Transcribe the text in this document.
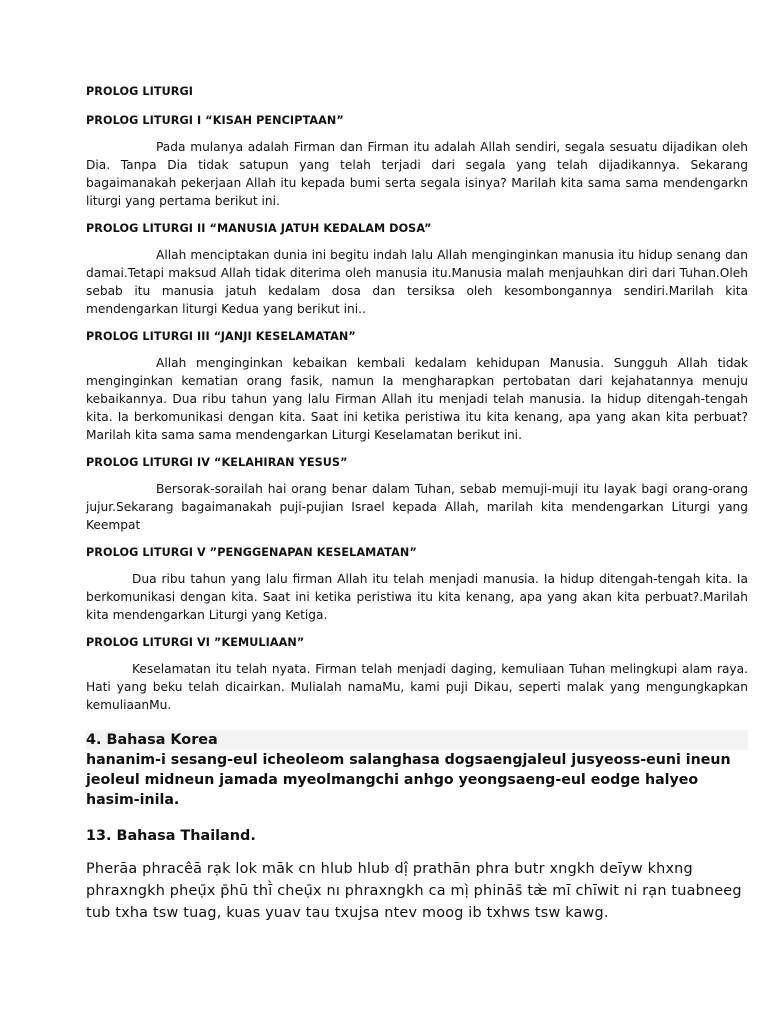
PROLOG LITURGI

PROLOG LITURGI I “KISAH PENCIPTAAN”

Pada mulanya adalah Firman dan Firman itu adalah Allah sendiri, segala sesuatu dijadikan oleh Dia. Tanpa Dia tidak satupun yang telah terjadi dari segala yang telah dijadikannya. Sekarang bagaimanakah pekerjaan Allah itu kepada bumi serta segala isinya? Marilah kita sama sama mendengarkn liturgi yang pertama berikut ini.

PROLOG LITURGI II “MANUSIA JATUH KEDALAM DOSA”

Allah menciptakan dunia ini begitu indah lalu Allah menginginkan manusia itu hidup senang dan damai.Tetapi maksud Allah tidak diterima oleh manusia itu.Manusia malah menjauhkan diri dari Tuhan.Oleh sebab itu manusia jatuh kedalam dosa dan tersiksa oleh kesombongannya sendiri.Marilah kita mendengarkan liturgi Kedua yang berikut ini..

PROLOG LITURGI III “JANJI KESELAMATAN”

Allah menginginkan kebaikan kembali kedalam kehidupan Manusia. Sungguh Allah tidak menginginkan kematian orang fasik, namun Ia mengharapkan pertobatan dari kejahatannya menuju kebaikannya. Dua ribu tahun yang lalu Firman Allah itu menjadi telah manusia. Ia hidup ditengah-tengah kita. Ia berkomunikasi dengan kita. Saat ini ketika peristiwa itu kita kenang, apa yang akan kita perbuat? Marilah kita sama sama mendengarkan Liturgi Keselamatan berikut ini.

PROLOG LITURGI IV “KELAHIRAN YESUS”

Bersorak-sorailah hai orang benar dalam Tuhan, sebab memuji-muji itu layak bagi orang-orang jujur.Sekarang bagaimanakah puji-pujian Israel kepada Allah, marilah kita mendengarkan Liturgi yang Keempat

PROLOG LITURGI V ”PENGGENAPAN KESELAMATAN”

Dua ribu tahun yang lalu firman Allah itu telah menjadi manusia. Ia hidup ditengah-tengah kita. Ia berkomunikasi dengan kita. Saat ini ketika peristiwa itu kita kenang, apa yang akan kita perbuat?.Marilah kita mendengarkan Liturgi yang Ketiga.

PROLOG LITURGI VI ”KEMULIAAN”

Keselamatan itu telah nyata. Firman telah menjadi daging, kemuliaan Tuhan melingkupi alam raya. Hati yang beku telah dicairkan. Mulialah namaMu, kami puji Dikau, seperti malak yang mengungkapkan kemuliaanMu.

4. Bahasa Korea
hananim-i sesang-eul icheoleom salanghasa dogsaengjaleul jusyeoss-euni ineun jeoleul midneun jamada myeolmangchi anhgo yeongsaeng-eul eodge halyeo hasim-inila.
13. Bahasa Thailand.
Pherāa phracêā rạk lok māk cn hlub hlub dị̂ prathān phra butr xngkh deīyw khxng phraxngkh pheụ̄x p̄hū thī̀ cheụ̄x nı phraxngkh ca mị̀ phinās̄ tæ̀ mī chīwit ni rạn tuabneeg tub txha tsw tuag, kuas yuav tau txujsa ntev moog ib txhws tsw kawg.
